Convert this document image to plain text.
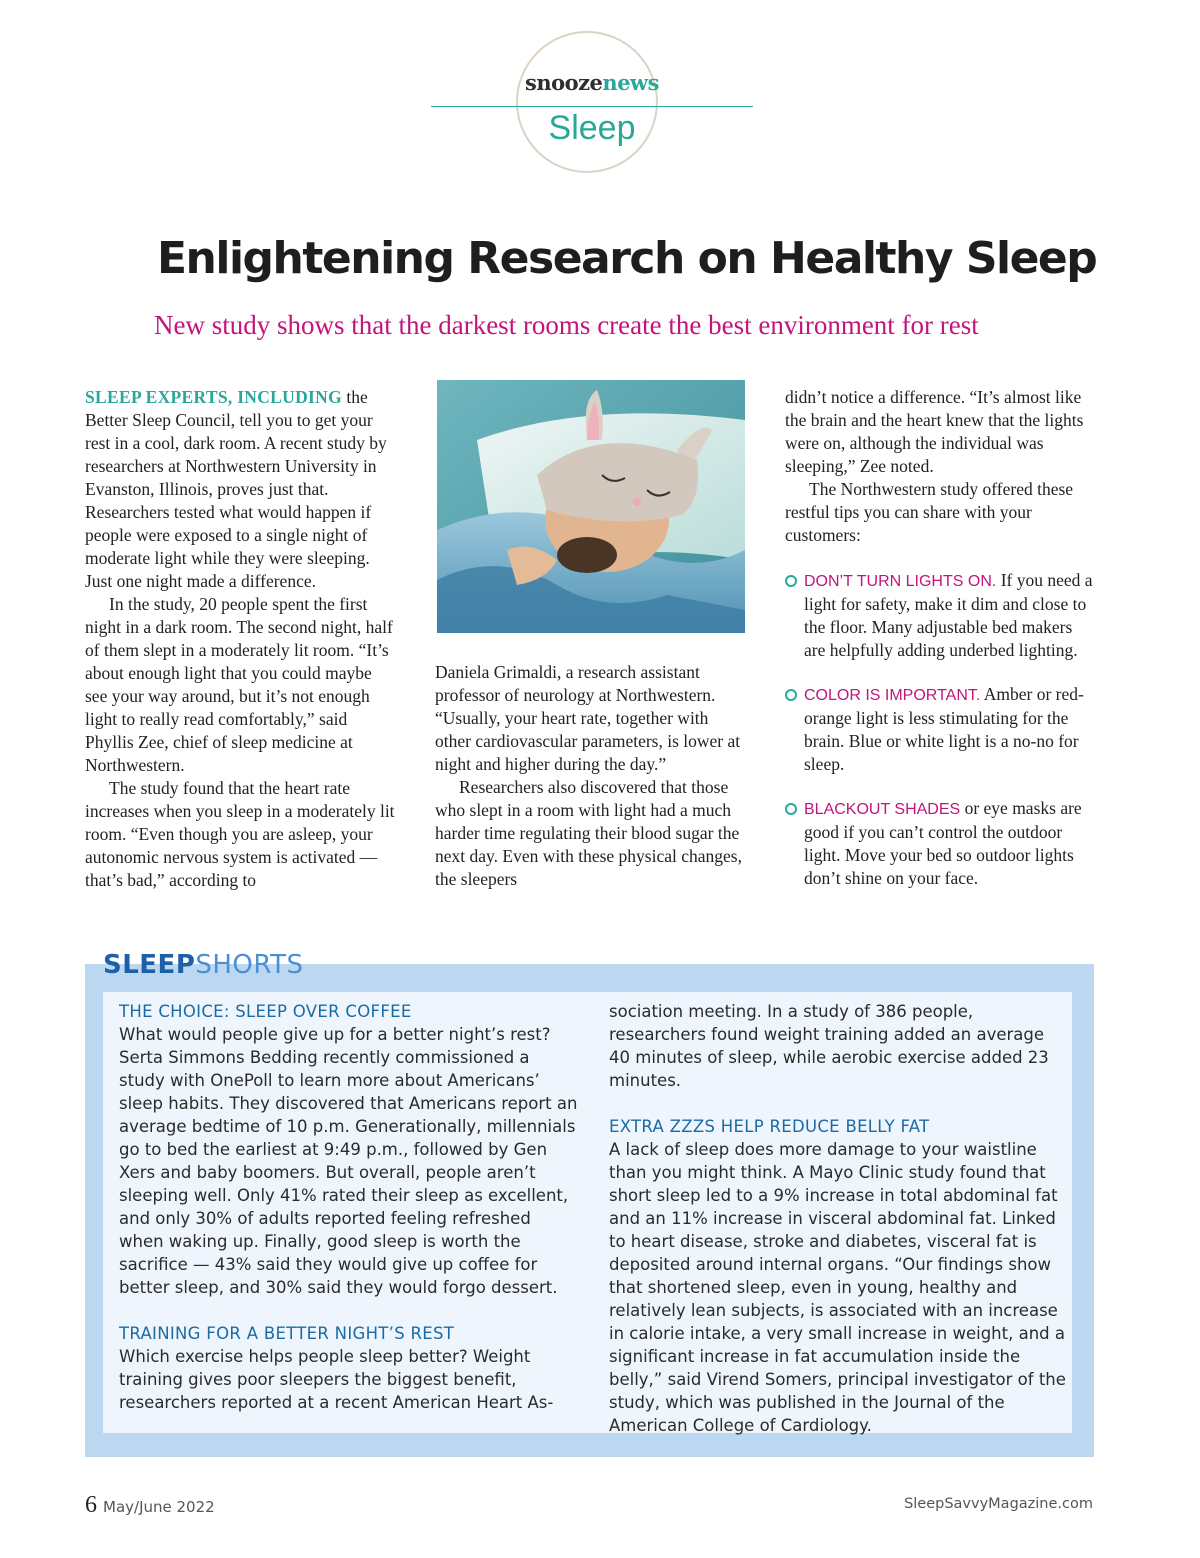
snoozenews
Sleep
Enlightening Research on Healthy Sleep
New study shows that the darkest rooms create the best environment for rest

SLEEP EXPERTS, INCLUDING the Better Sleep Council, tell you to get your rest in a cool, dark room. A recent study by researchers at Northwestern University in Evanston, Illinois, proves just that. Researchers tested what would happen if people were exposed to a single night of moderate light while they were sleeping. Just one night made a difference.

In the study, 20 people spent the first night in a dark room. The second night, half of them slept in a moderately lit room. “It’s about enough light that you could maybe see your way around, but it’s not enough light to really read comfortably,” said Phyllis Zee, chief of sleep medicine at Northwestern.

The study found that the heart rate increases when you sleep in a moderately lit room. “Even though you are asleep, your autonomic nervous system is activated — that’s bad,” according to

Daniela Grimaldi, a research assistant professor of neurology at Northwestern. “Usually, your heart rate, together with other cardiovascular parameters, is lower at night and higher during the day.”

Researchers also discovered that those who slept in a room with light had a much harder time regulating their blood sugar the next day. Even with these physical changes, the sleepers

didn’t notice a difference. “It’s almost like the brain and the heart knew that the lights were on, although the individual was sleeping,” Zee noted.

The Northwestern study offered these restful tips you can share with your customers:

DON’T TURN LIGHTS ON. If you need a light for safety, make it dim and close to the floor. Many adjustable bed makers are helpfully adding underbed lighting.
COLOR IS IMPORTANT. Amber or red-orange light is less stimulating for the brain. Blue or white light is a no-no for sleep.
BLACKOUT SHADES or eye masks are good if you can’t control the outdoor light. Move your bed so outdoor lights don’t shine on your face.
SLEEPSHORTS

THE CHOICE: SLEEP OVER COFFEE

What would people give up for a better night’s rest? Serta Simmons Bedding recently commissioned a study with OnePoll to learn more about Americans’ sleep habits. They discovered that Americans report an average bedtime of 10 p.m. Generationally, millennials go to bed the earliest at 9:49 p.m., followed by Gen Xers and baby boomers. But overall, people aren’t sleeping well. Only 41% rated their sleep as excellent, and only 30% of adults reported feeling refreshed when waking up. Finally, good sleep is worth the sacrifice — 43% said they would give up coffee for better sleep, and 30% said they would forgo dessert.

TRAINING FOR A BETTER NIGHT’S REST

Which exercise helps people sleep better? Weight training gives poor sleepers the biggest benefit, researchers reported at a recent American Heart As-

sociation meeting. In a study of 386 people, researchers found weight training added an average 40 minutes of sleep, while aerobic exercise added 23 minutes.

EXTRA ZZZS HELP REDUCE BELLY FAT

A lack of sleep does more damage to your waistline than you might think. A Mayo Clinic study found that short sleep led to a 9% increase in total abdominal fat and an 11% increase in visceral abdominal fat. Linked to heart disease, stroke and diabetes, visceral fat is deposited around internal organs. “Our findings show that shortened sleep, even in young, healthy and relatively lean subjects, is associated with an increase in calorie intake, a very small increase in weight, and a significant increase in fat accumulation inside the belly,” said Virend Somers, principal investigator of the study, which was published in the Journal of the American College of Cardiology.

6 May/June 2022	SleepSavvyMagazine.com
